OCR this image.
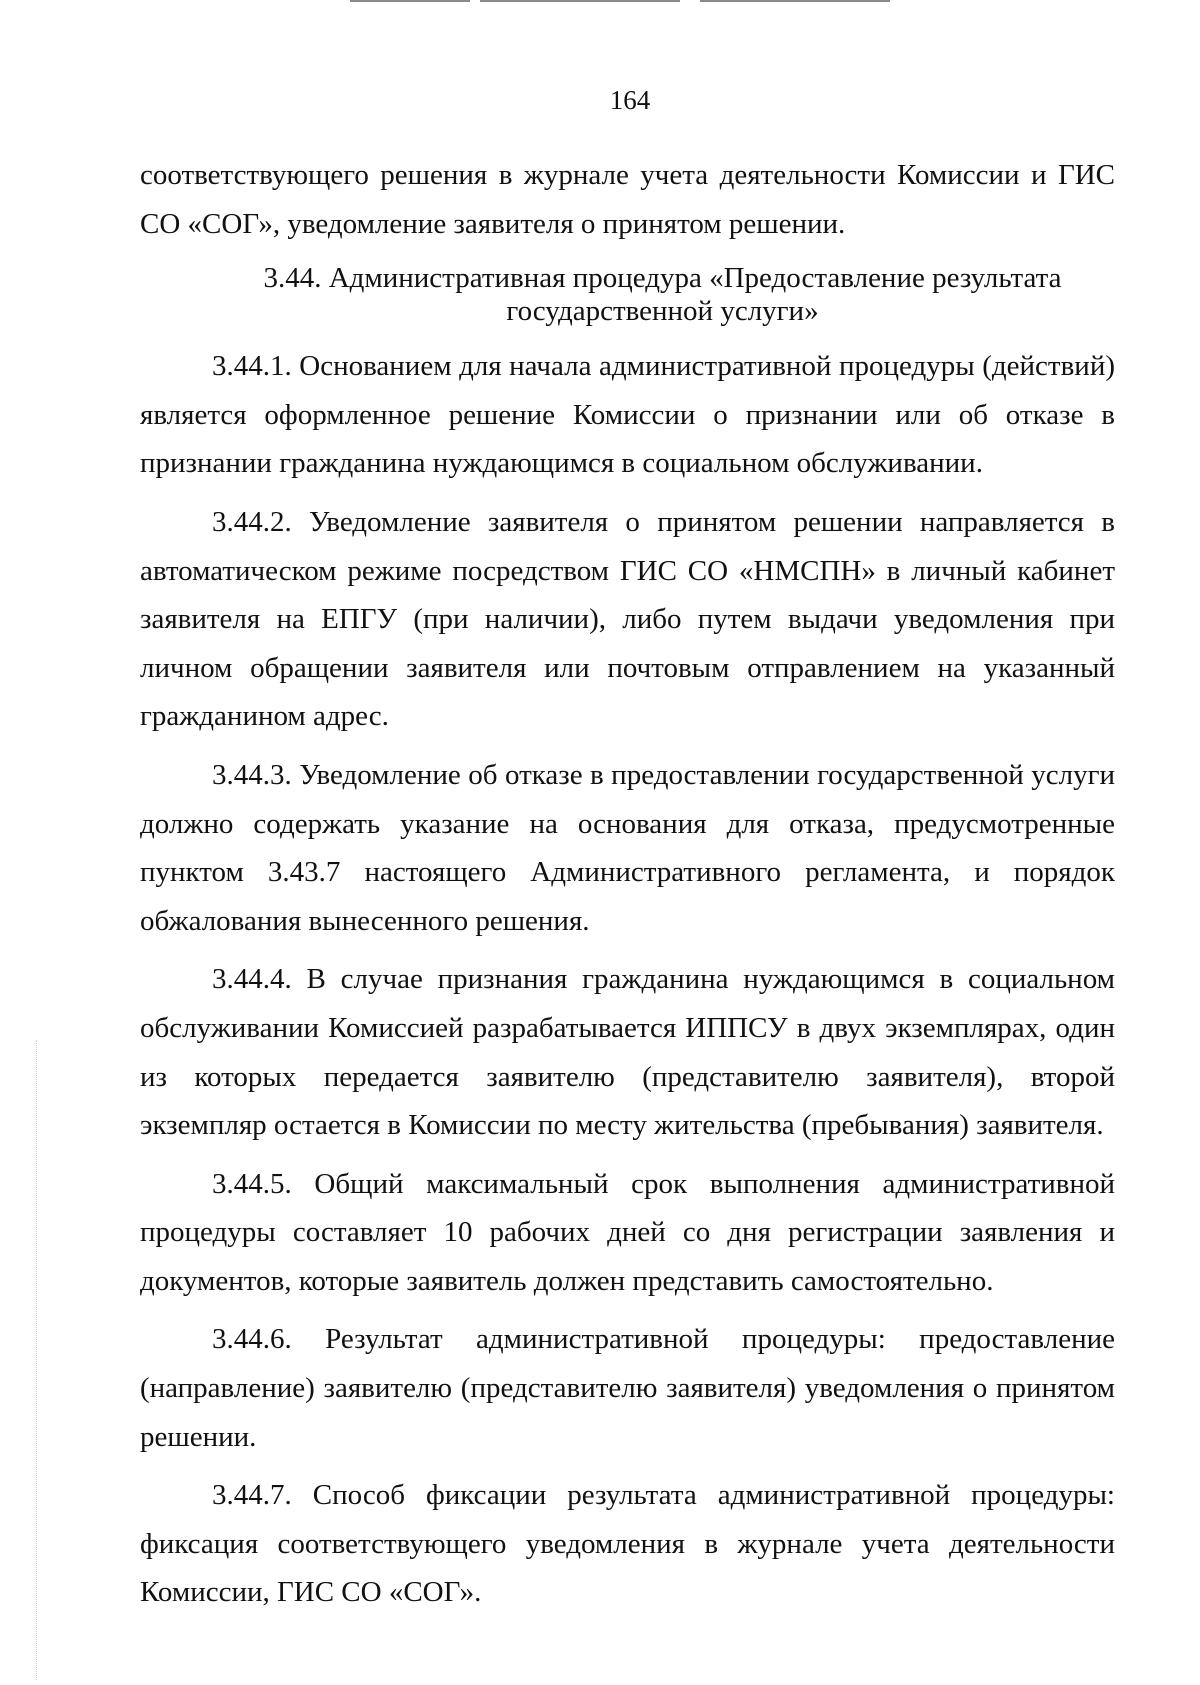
164

соответствующего решения в журнале учета деятельности Комиссии и ГИС СО «СОГ», уведомление заявителя о принятом решении.

3.44. Административная процедура «Предоставление результата
государственной услуги»

3.44.1. Основанием для начала административной процедуры (действий) является оформленное решение Комиссии о признании или об отказе в признании гражданина нуждающимся в социальном обслуживании.

3.44.2. Уведомление заявителя о принятом решении направляется в автоматическом режиме посредством ГИС СО «НМСПН» в личный кабинет заявителя на ЕПГУ (при наличии), либо путем выдачи уведомления при личном обращении заявителя или почтовым отправлением на указанный гражданином адрес.

3.44.3. Уведомление об отказе в предоставлении государственной услуги должно содержать указание на основания для отказа, предусмотренные пунктом 3.43.7 настоящего Административного регламента, и порядок обжалования вынесенного решения.

3.44.4. В случае признания гражданина нуждающимся в социальном обслуживании Комиссией разрабатывается ИППСУ в двух экземплярах, один из которых передается заявителю (представителю заявителя), второй экземпляр остается в Комиссии по месту жительства (пребывания) заявителя.

3.44.5. Общий максимальный срок выполнения административной процедуры составляет 10 рабочих дней со дня регистрации заявления и документов, которые заявитель должен представить самостоятельно.

3.44.6. Результат административной процедуры: предоставление (направление) заявителю (представителю заявителя) уведомления о принятом решении.

3.44.7. Способ фиксации результата административной процедуры: фиксация соответствующего уведомления в журнале учета деятельности Комиссии, ГИС СО «СОГ».
